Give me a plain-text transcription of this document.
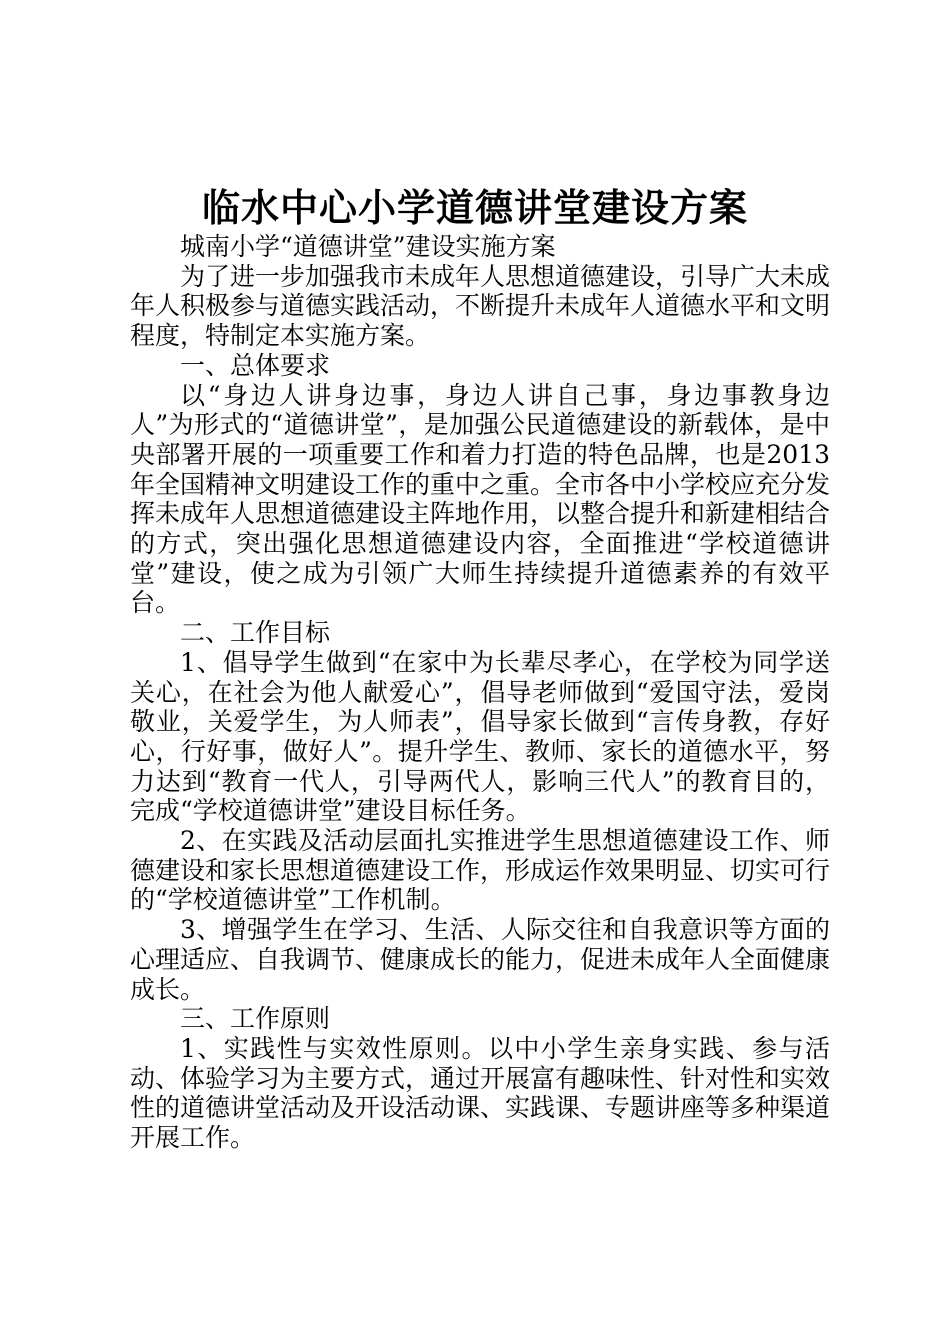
临水中心小学道德讲堂建设方案

城南小学“道德讲堂”建设实施方案

为了进一步加强我市未成年人思想道德建设，引导广大未成年人积极参与道德实践活动，不断提升未成年人道德水平和文明程度，特制定本实施方案。

一、总体要求

以“身边人讲身边事，身边人讲自己事，身边事教身边人”为形式的“道德讲堂”，是加强公民道德建设的新载体，是中央部署开展的一项重要工作和着力打造的特色品牌，也是2013年全国精神文明建设工作的重中之重。全市各中小学校应充分发挥未成年人思想道德建设主阵地作用，以整合提升和新建相结合的方式，突出强化思想道德建设内容，全面推进“学校道德讲堂”建设，使之成为引领广大师生持续提升道德素养的有效平台。

二、工作目标

1、倡导学生做到“在家中为长辈尽孝心，在学校为同学送关心，在社会为他人献爱心”，倡导老师做到“爱国守法，爱岗敬业，关爱学生，为人师表”，倡导家长做到“言传身教，存好心，行好事，做好人”。提升学生、教师、家长的道德水平，努力达到“教育一代人，引导两代人，影响三代人”的教育目的，完成“学校道德讲堂”建设目标任务。

2、在实践及活动层面扎实推进学生思想道德建设工作、师德建设和家长思想道德建设工作，形成运作效果明显、切实可行的“学校道德讲堂”工作机制。

3、增强学生在学习、生活、人际交往和自我意识等方面的心理适应、自我调节、健康成长的能力，促进未成年人全面健康成长。

三、工作原则

1、实践性与实效性原则。以中小学生亲身实践、参与活动、体验学习为主要方式，通过开展富有趣味性、针对性和实效性的道德讲堂活动及开设活动课、实践课、专题讲座等多种渠道开展工作。
